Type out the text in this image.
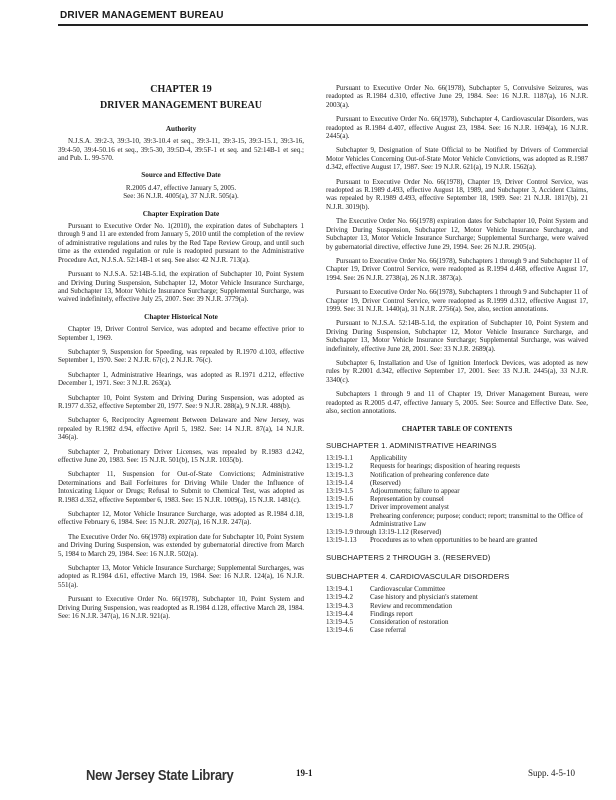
DRIVER MANAGEMENT BUREAU
CHAPTER 19
DRIVER MANAGEMENT BUREAU
Authority

N.J.S.A. 39:2-3, 39:3-10, 39:3-10.4 et seq., 39:3-11, 39:3-15, 39:3-15.1, 39:3-16, 39:4-50, 39:4-50.16 et seq., 39:5-30, 39:5D-4, 39:5F-1 et seq. and 52:14B-1 et seq.; and Pub. L. 99-570.

Source and Effective Date

R.2005 d.47, effective January 5, 2005.

See: 36 N.J.R. 4005(a), 37 N.J.R. 505(a).

Chapter Expiration Date

Pursuant to Executive Order No. 1(2010), the expiration dates of Subchapters 1 through 9 and 11 are extended from January 5, 2010 until the completion of the review of administrative regulations and rules by the Red Tape Review Group, and until such time as the extended regulation or rule is readopted pursuant to the Administrative Procedure Act, N.J.S.A. 52:14B-1 et seq. See also: 42 N.J.R. 713(a).

Pursuant to N.J.S.A. 52:14B-5.1d, the expiration of Subchapter 10, Point System and Driving During Suspension, Subchapter 12, Motor Vehicle Insurance Surcharge, and Subchapter 13, Motor Vehicle Insurance Surcharge; Supplemental Surcharge, was waived indefinitely, effective July 25, 2007. See: 39 N.J.R. 3779(a).

Chapter Historical Note

Chapter 19, Driver Control Service, was adopted and became effective prior to September 1, 1969.

Subchapter 9, Suspension for Speeding, was repealed by R.1970 d.103, effective September 1, 1970. See: 2 N.J.R. 67(c), 2 N.J.R. 76(c).

Subchapter 1, Administrative Hearings, was adopted as R.1971 d.212, effective December 1, 1971. See: 3 N.J.R. 263(a).

Subchapter 10, Point System and Driving During Suspension, was adopted as R.1977 d.352, effective September 20, 1977. See: 9 N.J.R. 288(a), 9 N.J.R. 488(b).

Subchapter 6, Reciprocity Agreement Between Delaware and New Jersey, was repealed by R.1982 d.94, effective April 5, 1982. See: 14 N.J.R. 87(a), 14 N.J.R. 346(a).

Subchapter 2, Probationary Driver Licenses, was repealed by R.1983 d.242, effective June 20, 1983. See: 15 N.J.R. 501(b), 15 N.J.R. 1035(b).

Subchapter 11, Suspension for Out-of-State Convictions; Administrative Determinations and Bail Forfeitures for Driving While Under the Influence of Intoxicating Liquor or Drugs; Refusal to Submit to Chemical Test, was adopted as R.1983 d.352, effective September 6, 1983. See: 15 N.J.R. 1009(a), 15 N.J.R. 1481(c).

Subchapter 12, Motor Vehicle Insurance Surcharge, was adopted as R.1984 d.18, effective February 6, 1984. See: 15 N.J.R. 2027(a), 16 N.J.R. 247(a).

The Executive Order No. 66(1978) expiration date for Subchapter 10, Point System and Driving During Suspension, was extended by gubernatorial directive from March 5, 1984 to March 29, 1984. See: 16 N.J.R. 502(a).

Subchapter 13, Motor Vehicle Insurance Surcharge; Supplemental Surcharges, was adopted as R.1984 d.61, effective March 19, 1984. See: 16 N.J.R. 124(a), 16 N.J.R. 551(a).

Pursuant to Executive Order No. 66(1978), Subchapter 10, Point System and Driving During Suspension, was readopted as R.1984 d.128, effective March 28, 1984. See: 16 N.J.R. 347(a), 16 N.J.R. 921(a).

Pursuant to Executive Order No. 66(1978), Subchapter 5, Convulsive Seizures, was readopted as R.1984 d.310, effective June 29, 1984. See: 16 N.J.R. 1187(a), 16 N.J.R. 2003(a).

Pursuant to Executive Order No. 66(1978), Subchapter 4, Cardiovascular Disorders, was readopted as R.1984 d.407, effective August 23, 1984. See: 16 N.J.R. 1694(a), 16 N.J.R. 2445(a).

Subchapter 9, Designation of State Official to be Notified by Drivers of Commercial Motor Vehicles Concerning Out-of-State Motor Vehicle Convictions, was adopted as R.1987 d.342, effective August 17, 1987. See: 19 N.J.R. 621(a), 19 N.J.R. 1562(a).

Pursuant to Executive Order No. 66(1978), Chapter 19, Driver Control Service, was readopted as R.1989 d.493, effective August 18, 1989, and Subchapter 3, Accident Claims, was repealed by R.1989 d.493, effective September 18, 1989. See: 21 N.J.R. 1817(b), 21 N.J.R. 3019(b).

The Executive Order No. 66(1978) expiration dates for Subchapter 10, Point System and Driving During Suspension, Subchapter 12, Motor Vehicle Insurance Surcharge, and Subchapter 13, Motor Vehicle Insurance Surcharge; Supplemental Surcharge, were waived by gubernatorial directive, effective June 29, 1994. See: 26 N.J.R. 2905(a).

Pursuant to Executive Order No. 66(1978), Subchapters 1 through 9 and Subchapter 11 of Chapter 19, Driver Control Service, were readopted as R.1994 d.468, effective August 17, 1994. See: 26 N.J.R. 2738(a), 26 N.J.R. 3873(a).

Pursuant to Executive Order No. 66(1978), Subchapters 1 through 9 and Subchapter 11 of Chapter 19, Driver Control Service, were readopted as R.1999 d.312, effective August 17, 1999. See: 31 N.J.R. 1440(a), 31 N.J.R. 2756(a). See, also, section annotations.

Pursuant to N.J.S.A. 52:14B-5.1d, the expiration of Subchapter 10, Point System and Driving During Suspension, Subchapter 12, Motor Vehicle Insurance Surcharge, and Subchapter 13, Motor Vehicle Insurance Surcharge; Supplemental Surcharge, was waived indefinitely, effective June 28, 2001. See: 33 N.J.R. 2689(a).

Subchapter 6, Installation and Use of Ignition Interlock Devices, was adopted as new rules by R.2001 d.342, effective September 17, 2001. See: 33 N.J.R. 2445(a), 33 N.J.R. 3340(c).

Subchapters 1 through 9 and 11 of Chapter 19, Driver Management Bureau, were readopted as R.2005 d.47, effective January 5, 2005. See: Source and Effective Date. See, also, section annotations.

CHAPTER TABLE OF CONTENTS
SUBCHAPTER 1. ADMINISTRATIVE HEARINGS
13:19-1.1	Applicability
13:19-1.2	Requests for hearings; disposition of hearing requests
13:19-1.3	Notification of prehearing conference date
13:19-1.4	(Reserved)
13:19-1.5	Adjournments; failure to appear
13:19-1.6	Representation by counsel
13:19-1.7	Driver improvement analyst
13:19-1.8	Prehearing conference; purpose; conduct; report; transmittal to the Office of Administrative Law
13:19-1.9 through 13:19-1.12 (Reserved)
13:19-1.13	Procedures as to when opportunities to be heard are granted
SUBCHAPTERS 2 THROUGH 3. (RESERVED)
SUBCHAPTER 4. CARDIOVASCULAR DISORDERS
13:19-4.1	Cardiovascular Committee
13:19-4.2	Case history and physician's statement
13:19-4.3	Review and recommendation
13:19-4.4	Findings report
13:19-4.5	Consideration of restoration
13:19-4.6	Case referral
New Jersey State Library	19-1	Supp. 4-5-10
